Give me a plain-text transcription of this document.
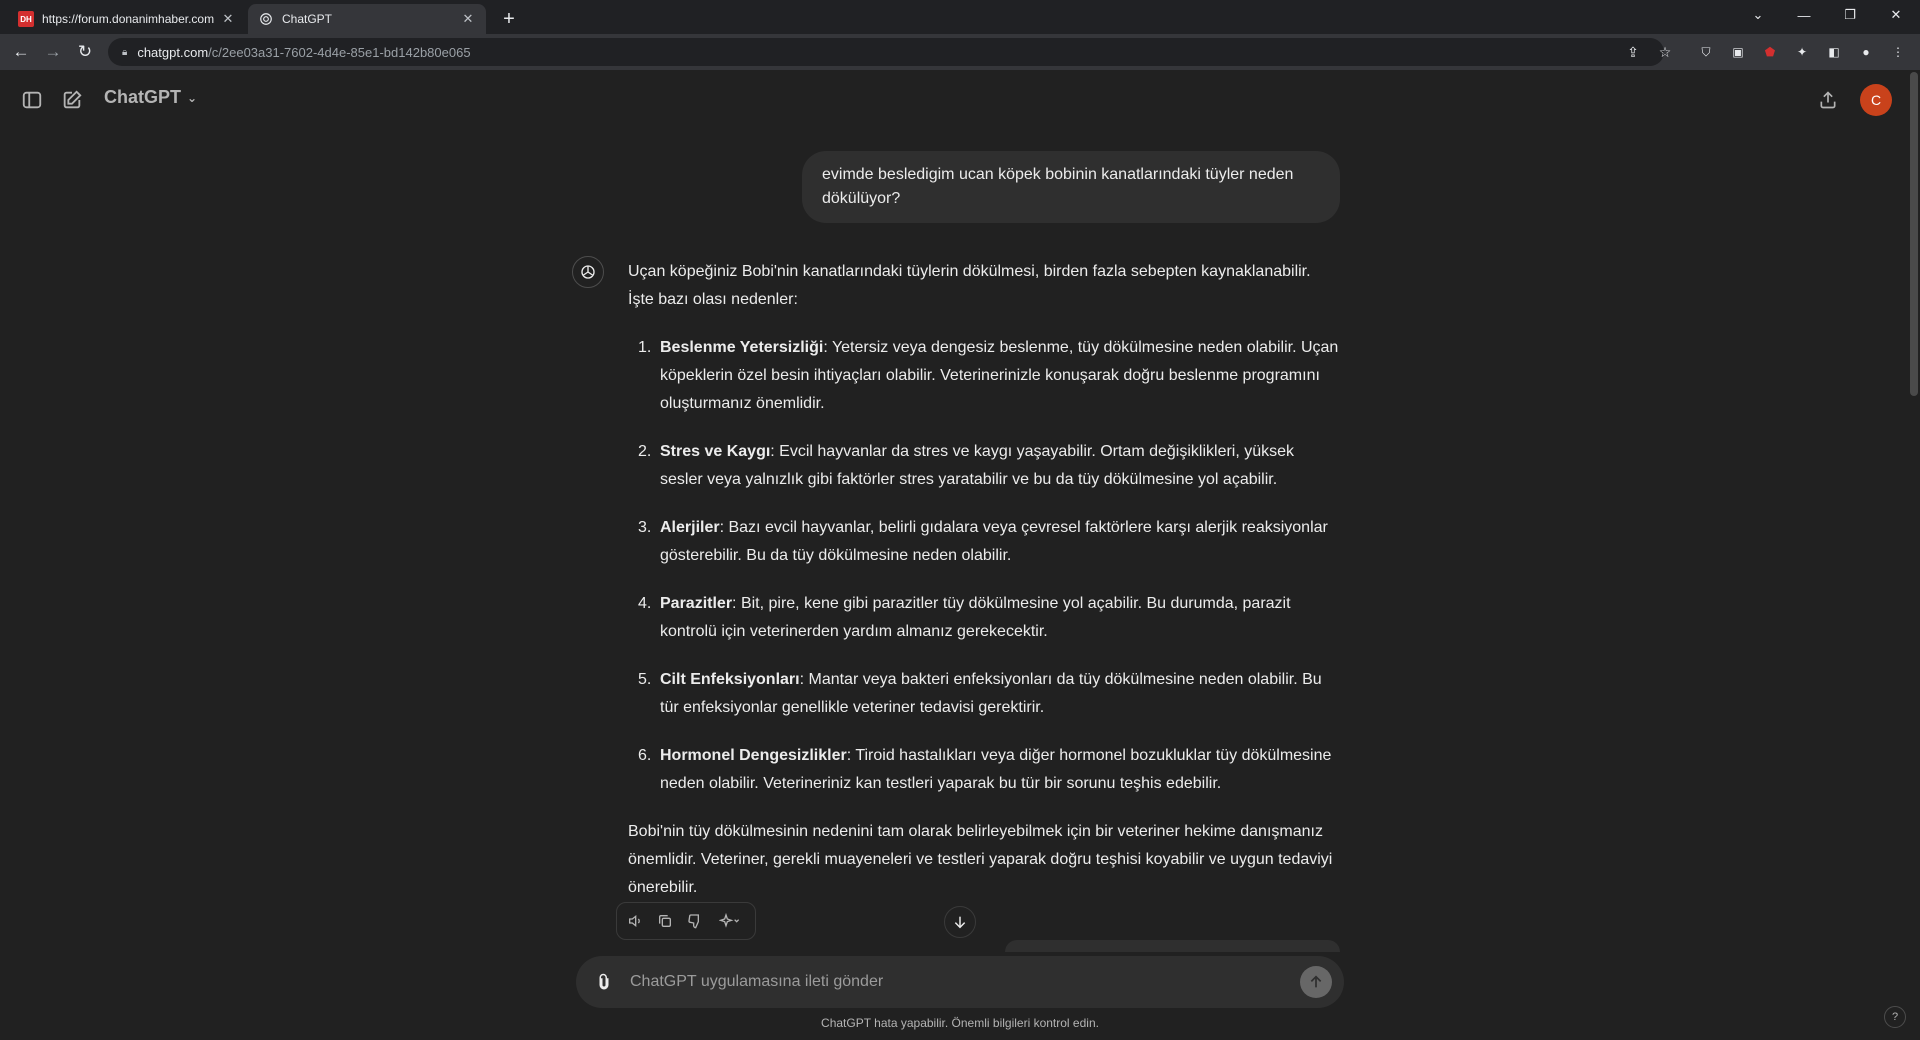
DH https://forum.donanimhaber.com ✕	ChatGPT	✕	+	⌄	—	❐	✕
← → ↻	🔒︎ chatgpt.com /c/2ee03a31-7602-4d4e-85e1-bd142b80e065	⇪	☆	⛉	▣	⬟	✦	◧	●	⋮
ChatGPT ⌄	C
evimde besledigim ucan köpek bobinin kanatlarındaki tüyler neden dökülüyor?

Uçan köpeğiniz Bobi'nin kanatlarındaki tüylerin dökülmesi, birden fazla sebepten kaynaklanabilir. İşte bazı olası nedenler:

1. Beslenme Yetersizliği: Yetersiz veya dengesiz beslenme, tüy dökülmesine neden olabilir. Uçan köpeklerin özel besin ihtiyaçları olabilir. Veterinerinizle konuşarak doğru beslenme programını oluşturmanız önemlidir.
2. Stres ve Kaygı: Evcil hayvanlar da stres ve kaygı yaşayabilir. Ortam değişiklikleri, yüksek sesler veya yalnızlık gibi faktörler stres yaratabilir ve bu da tüy dökülmesine yol açabilir.
3. Alerjiler: Bazı evcil hayvanlar, belirli gıdalara veya çevresel faktörlere karşı alerjik reaksiyonlar gösterebilir. Bu da tüy dökülmesine neden olabilir.
4. Parazitler: Bit, pire, kene gibi parazitler tüy dökülmesine yol açabilir. Bu durumda, parazit kontrolü için veterinerden yardım almanız gerekecektir.
5. Cilt Enfeksiyonları: Mantar veya bakteri enfeksiyonları da tüy dökülmesine neden olabilir. Bu tür enfeksiyonlar genellikle veteriner tedavisi gerektirir.
6. Hormonel Dengesizlikler: Tiroid hastalıkları veya diğer hormonel bozukluklar tüy dökülmesine neden olabilir. Veterineriniz kan testleri yaparak bu tür bir sorunu teşhis edebilir.

Bobi'nin tüy dökülmesinin nedenini tam olarak belirleyebilmek için bir veteriner hekime danışmanız önemlidir. Veteriner, gerekli muayeneleri ve testleri yaparak doğru teşhisi koyabilir ve uygun tedaviyi önerebilir.

ChatGPT uygulamasına ileti gönder
ChatGPT hata yapabilir. Önemli bilgileri kontrol edin.	?
